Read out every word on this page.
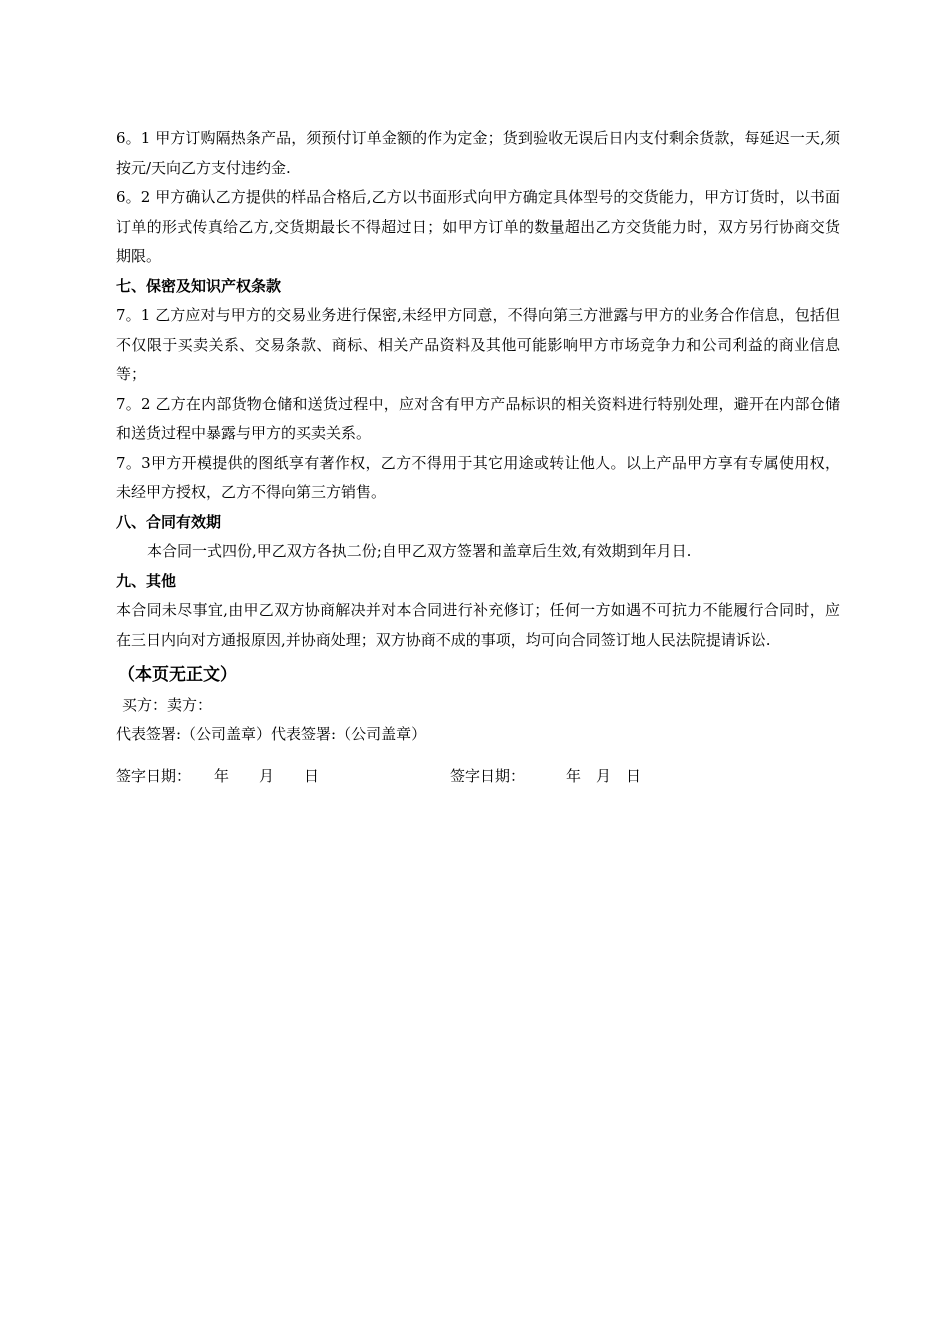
6。1 甲方订购隔热条产品，须预付订单金额的作为定金；货到验收无误后日内支付剩余货款，每延迟一天,须按元/天向乙方支付违约金.

6。2 甲方确认乙方提供的样品合格后,乙方以书面形式向甲方确定具体型号的交货能力，甲方订货时，以书面订单的形式传真给乙方,交货期最长不得超过日；如甲方订单的数量超出乙方交货能力时，双方另行协商交货期限。

七、保密及知识产权条款

7。1 乙方应对与甲方的交易业务进行保密,未经甲方同意，不得向第三方泄露与甲方的业务合作信息，包括但不仅限于买卖关系、交易条款、商标、相关产品资料及其他可能影响甲方市场竞争力和公司利益的商业信息等；

7。2 乙方在内部货物仓储和送货过程中，应对含有甲方产品标识的相关资料进行特别处理，避开在内部仓储和送货过程中暴露与甲方的买卖关系。

7。3甲方开模提供的图纸享有著作权，乙方不得用于其它用途或转让他人。以上产品甲方享有专属使用权，未经甲方授权，乙方不得向第三方销售。

八、合同有效期

本合同一式四份,甲乙双方各执二份;自甲乙双方签署和盖章后生效,有效期到年月日.

九、其他

本合同未尽事宜,由甲乙双方协商解决并对本合同进行补充修订；任何一方如遇不可抗力不能履行合同时，应在三日内向对方通报原因,并协商处理；双方协商不成的事项，均可向合同签订地人民法院提请诉讼.

（本页无正文）

买方：卖方：

代表签署:（公司盖章）代表签署:（公司盖章）

签字日期： 年　　月　　日	签字日期：	年　月　日
